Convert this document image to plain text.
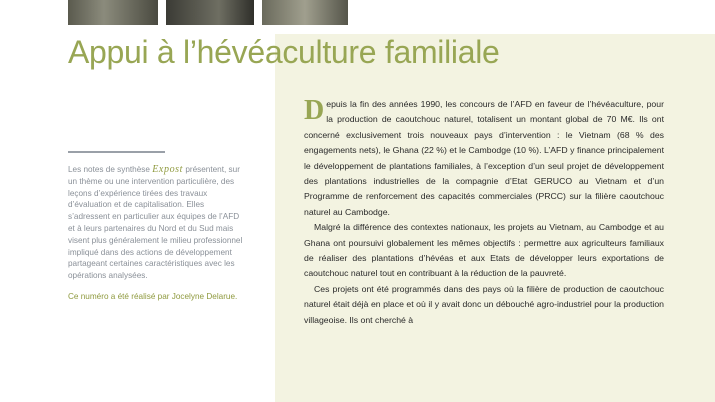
Appui à l’hévéaculture familiale

Les notes de synthèse Expost présentent, sur un thème ou une intervention particulière, des leçons d’expérience tirées des travaux d’évaluation et de capitalisation. Elles s’adressent en particulier aux équipes de l’AFD et à leurs partenaires du Nord et du Sud mais visent plus généralement le milieu professionnel impliqué dans des actions de développement partageant certaines caractéristiques avec les opérations analysées.

Ce numéro a été réalisé par Jocelyne Delarue.

Depuis la fin des années 1990, les concours de l’AFD en faveur de l’hévéaculture, pour la production de caoutchouc naturel, totalisent un montant global de 70 M€. Ils ont concerné exclusivement trois nouveaux pays d’intervention : le Vietnam (68 % des engagements nets), le Ghana (22 %) et le Cambodge (10 %). L’AFD y finance principalement le développement de plantations familiales, à l’exception d’un seul projet de développement des plantations industrielles de la compagnie d’Etat GERUCO au Vietnam et d’un Programme de renforcement des capacités commerciales (PRCC) sur la filière caoutchouc naturel au Cambodge.

Malgré la différence des contextes nationaux, les projets au Vietnam, au Cambodge et au Ghana ont poursuivi globalement les mêmes objectifs : permettre aux agriculteurs familiaux de réaliser des plantations d’hévéas et aux Etats de développer leurs exportations de caoutchouc naturel tout en contribuant à la réduction de la pauvreté.

Ces projets ont été programmés dans des pays où la filière de production de caoutchouc naturel était déjà en place et où il y avait donc un débouché agro-industriel pour la production villageoise. Ils ont cherché à
